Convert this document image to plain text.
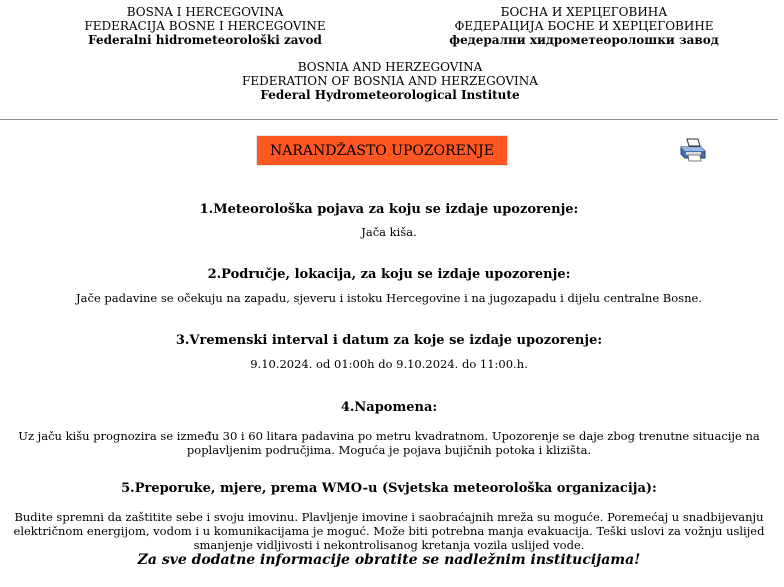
BOSNA I HERCEGOVINA
FEDERACIJA BOSNE I HERCEGOVINE
Federalni hidrometeorološki zavod
БОСНА И ХЕРЦЕГОВИНА
ФЕДЕРАЦИЈА БОСНЕ И ХЕРЦЕГОВИНЕ
федерални хидрометеоролошки завод
BOSNIA AND HERZEGOVINA
FEDERATION OF BOSNIA AND HERZEGOVINA
Federal Hydrometeorological Institute
NARANDŽASTO UPOZORENJE
1.Meteorološka pojava za koju se izdaje upozorenje:
Jača kiša.
2.Područje, lokacija, za koju se izdaje upozorenje:
Jače padavine se očekuju na zapadu, sjeveru i istoku Hercegovine i na jugozapadu i dijelu centralne Bosne.
3.Vremenski interval i datum za koje se izdaje upozorenje:
9.10.2024. od 01:00h do 9.10.2024. do 11:00.h.
4.Napomena:
Uz jaču kišu prognozira se između 30 i 60 litara padavina po metru kvadratnom. Upozorenje se daje zbog trenutne situacije na poplavljenim područjima. Moguća je pojava bujičnih potoka i klizišta.
5.Preporuke, mjere, prema WMO-u (Svjetska meteorološka organizacija):
Budite spremni da zaštitite sebe i svoju imovinu. Plavljenje imovine i saobraćajnih mreža su moguće. Poremećaj u snadbijevanju električnom energijom, vodom i u komunikacijama je moguć. Može biti potrebna manja evakuacija. Teški uslovi za vožnju uslijed smanjenje vidljivosti i nekontrolisanog kretanja vozila uslijed vode.
Za sve dodatne informacije obratite se nadležnim institucijama!
